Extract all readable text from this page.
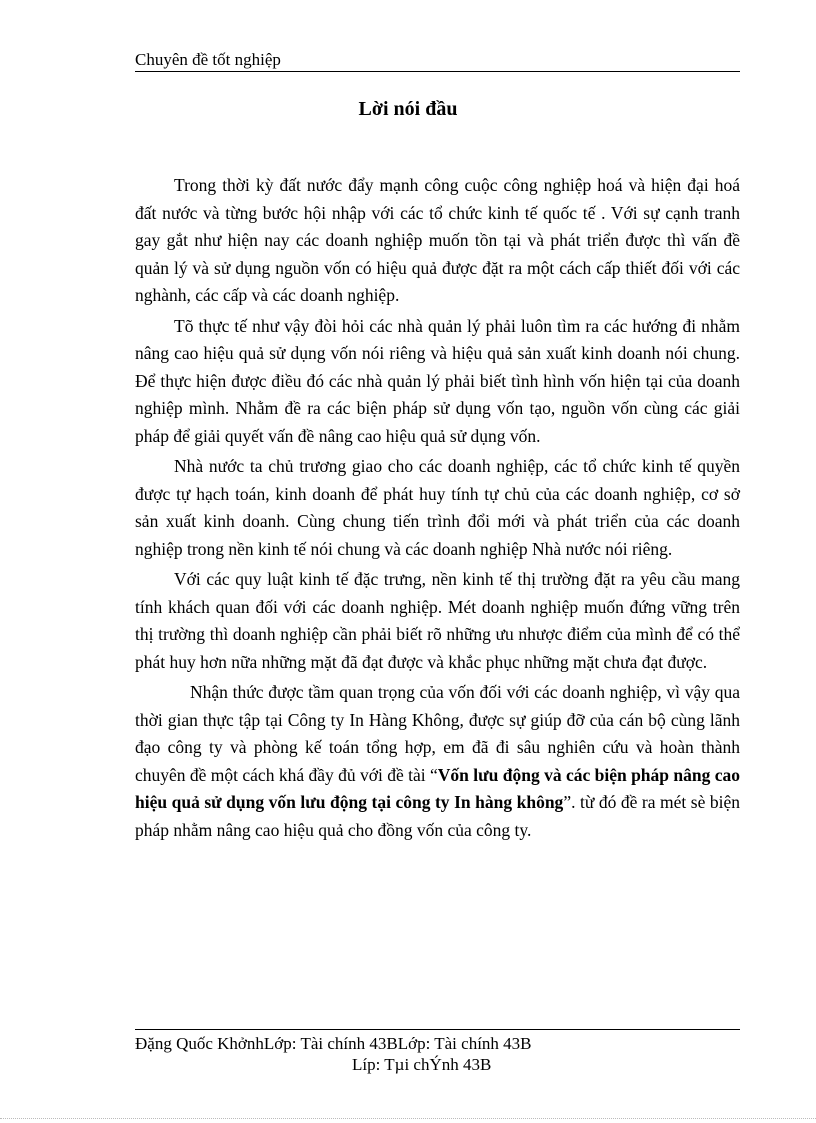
Chuyên đề tốt nghiệp
Lời nói đầu

Trong thời kỳ đất nước đẩy mạnh công cuộc công nghiệp hoá và hiện đại hoá đất nước và từng bước hội nhập với các tổ chức kinh tế quốc tế . Với sự cạnh tranh gay gắt như hiện nay các doanh nghiệp muốn tồn tại và phát triển được thì vấn đề quản lý và sử dụng nguồn vốn có hiệu quả được đặt ra một cách cấp thiết đối với các nghành, các cấp và các doanh nghiệp.

Tõ thực tế như vậy đòi hỏi các nhà quản lý phải luôn tìm ra các hướng đi nhằm nâng cao hiệu quả sử dụng vốn nói riêng và hiệu quả sản xuất kinh doanh nói chung. Để thực hiện được điều đó các nhà quản lý phải biết tình hình vốn hiện tại của doanh nghiệp mình. Nhằm đề ra các biện pháp sử dụng vốn tạo, nguồn vốn cùng các giải pháp để giải quyết vấn đề nâng cao hiệu quả sử dụng vốn.

Nhà nước ta chủ trương giao cho các doanh nghiệp, các tổ chức kinh tế quyền được tự hạch toán, kinh doanh để phát huy tính tự chủ của các doanh nghiệp, cơ sở sản xuất kinh doanh. Cùng chung tiến trình đổi mới và phát triển của các doanh nghiệp trong nền kinh tế nói chung và các doanh nghiệp Nhà nước nói riêng.

Với các quy luật kinh tế đặc trưng, nền kinh tế thị trường đặt ra yêu cầu mang tính khách quan đối với các doanh nghiệp. Mét doanh nghiệp muốn đứng vững trên thị trường thì doanh nghiệp cần phải biết rõ những ưu nhược điểm của mình để có thể phát huy hơn nữa những mặt đã đạt được và khắc phục những mặt chưa đạt được.

Nhận thức được tầm quan trọng của vốn đối với các doanh nghiệp, vì vậy qua thời gian thực tập tại Công ty In Hàng Không, được sự giúp đỡ của cán bộ cùng lãnh đạo công ty và phòng kế toán tổng hợp, em đã đi sâu nghiên cứu và hoàn thành chuyên đề một cách khá đầy đủ với đề tài “Vốn lưu động và các biện pháp nâng cao hiệu quả sử dụng vốn lưu động tại công ty In hàng không”. từ đó đề ra mét sè biện pháp nhằm nâng cao hiệu quả cho đồng vốn của công ty.

Đặng Quốc KhởnhLớp: Tài chính 43BLớp: Tài chính 43B
Líp: Tµi chÝnh 43B
